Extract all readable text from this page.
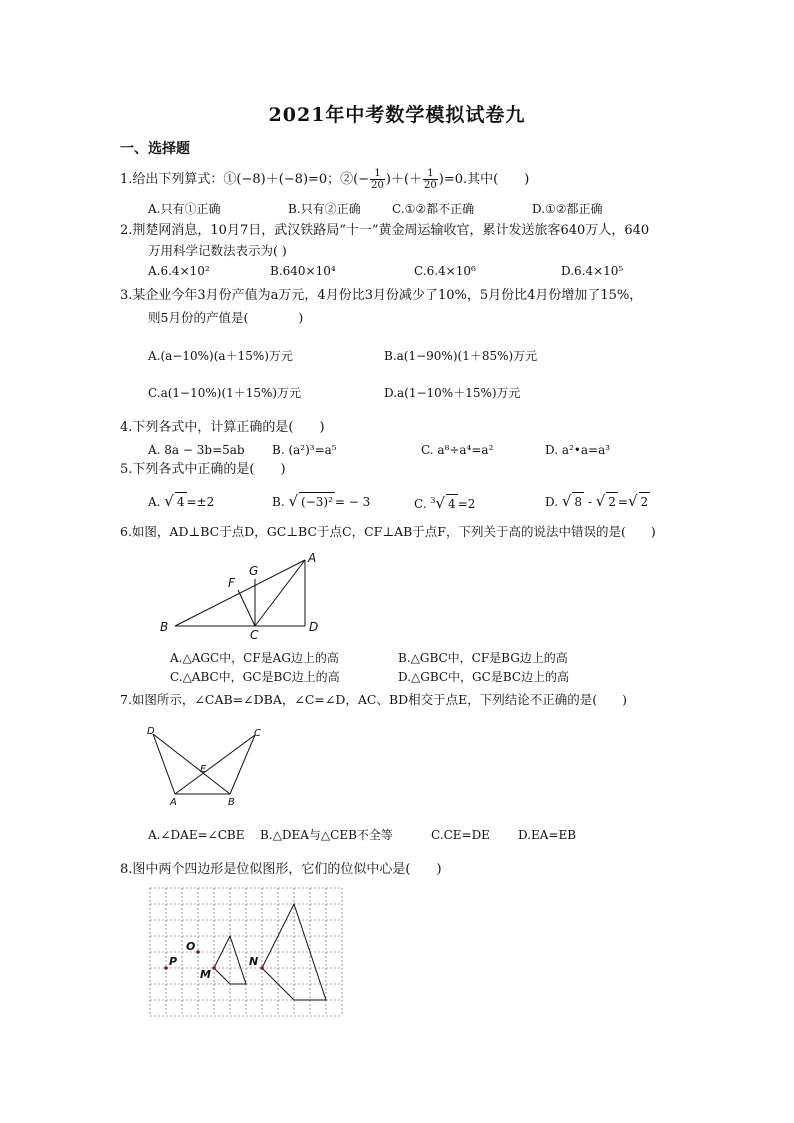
2021年中考数学模拟试卷九
一、选择题
1.给出下列算式：①(−8)＋(−8)=0；②(− $\frac{1}{20}$ )＋(＋ $\frac{1}{20} )=0$.其中(　　)
A.只有①正确	B.只有②正确	C.①②都不正确	D.①②都正确
2.荆楚网消息，10月7日，武汉铁路局“十一”黄金周运输收官，累计发送旅客640万人，640
万用科学记数法表示为( )
A.6.4×10²	B.640×10⁴	C.6.4×10⁶	D.6.4×10⁵
3.某企业今年3月份产值为a万元，4月份比3月份减少了10%，5月份比4月份增加了15%，
则5月份的产值是(　　　　)
A.(a−10%)(a＋15%)万元	B.a(1−90%)(1＋85%)万元
C.a(1−10%)(1＋15%)万元	D.a(1−10%＋15%)万元
4.下列各式中，计算正确的是(　　)
A. 8a − 3b=5ab B. (a²)³=a⁵	C. a⁸÷a⁴=a²	D. a²•a=a³
5.下列各式中正确的是(　　)
A. √ 4 =±2	B. √ (−3)² = − 3	C. $^3$√ 4 =2	D. √ 8 - √ 2 =√ 2
6.如图，AD⊥BC于点D，GC⊥BC于点C，CF⊥AB于点F，下列关于高的说法中错误的是(　　)
A
B
C
D
F
G
A.△AGC中，CF是AG边上的高	B.△GBC中，CF是BG边上的高
C.△ABC中，GC是BC边上的高	D.△GBC中，GC是BC边上的高
7.如图所示，∠CAB=∠DBA，∠C=∠D，AC、BD相交于点E，下列结论不正确的是(　　)
D	C
E
A	B
A.∠DAE=∠CBE B.△DEA与△CEB不全等	C.CE=DE D.EA=EB
8.图中两个四边形是位似图形，它们的位似中心是(　　)
O
P
M
N
